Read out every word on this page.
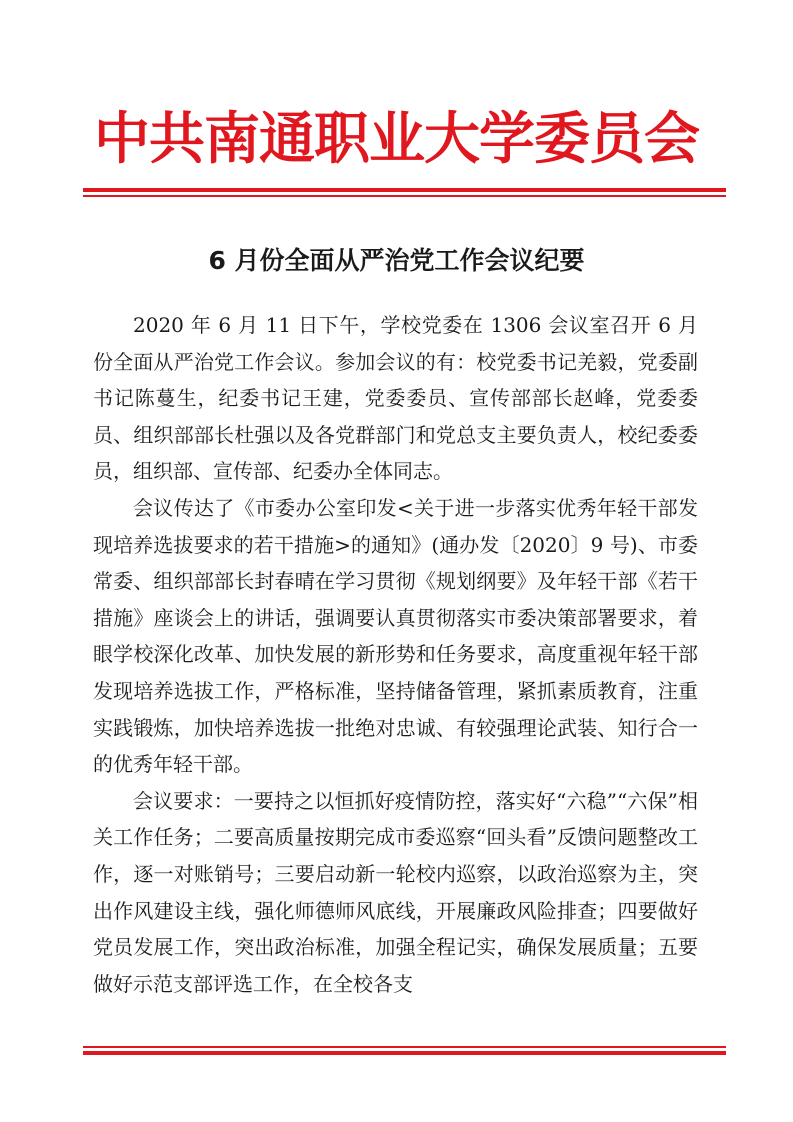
中共南通职业大学委员会
6 月份全面从严治党工作会议纪要

2020 年 6 月 11 日下午，学校党委在 1306 会议室召开 6 月份全面从严治党工作会议。参加会议的有：校党委书记羌毅，党委副书记陈蔓生，纪委书记王建，党委委员、宣传部部长赵峰，党委委员、组织部部长杜强以及各党群部门和党总支主要负责人，校纪委委员，组织部、宣传部、纪委办全体同志。

会议传达了《市委办公室印发<关于进一步落实优秀年轻干部发现培养选拔要求的若干措施>的通知》(通办发〔2020〕9 号)、市委常委、组织部部长封春晴在学习贯彻《规划纲要》及年轻干部《若干措施》座谈会上的讲话，强调要认真贯彻落实市委决策部署要求，着眼学校深化改革、加快发展的新形势和任务要求，高度重视年轻干部发现培养选拔工作，严格标准，坚持储备管理，紧抓素质教育，注重实践锻炼，加快培养选拔一批绝对忠诚、有较强理论武装、知行合一的优秀年轻干部。

会议要求：一要持之以恒抓好疫情防控，落实好“六稳”“六保”相关工作任务；二要高质量按期完成市委巡察“回头看”反馈问题整改工作，逐一对账销号；三要启动新一轮校内巡察，以政治巡察为主，突出作风建设主线，强化师德师风底线，开展廉政风险排查；四要做好党员发展工作，突出政治标准，加强全程记实，确保发展质量；五要做好示范支部评选工作，在全校各支
